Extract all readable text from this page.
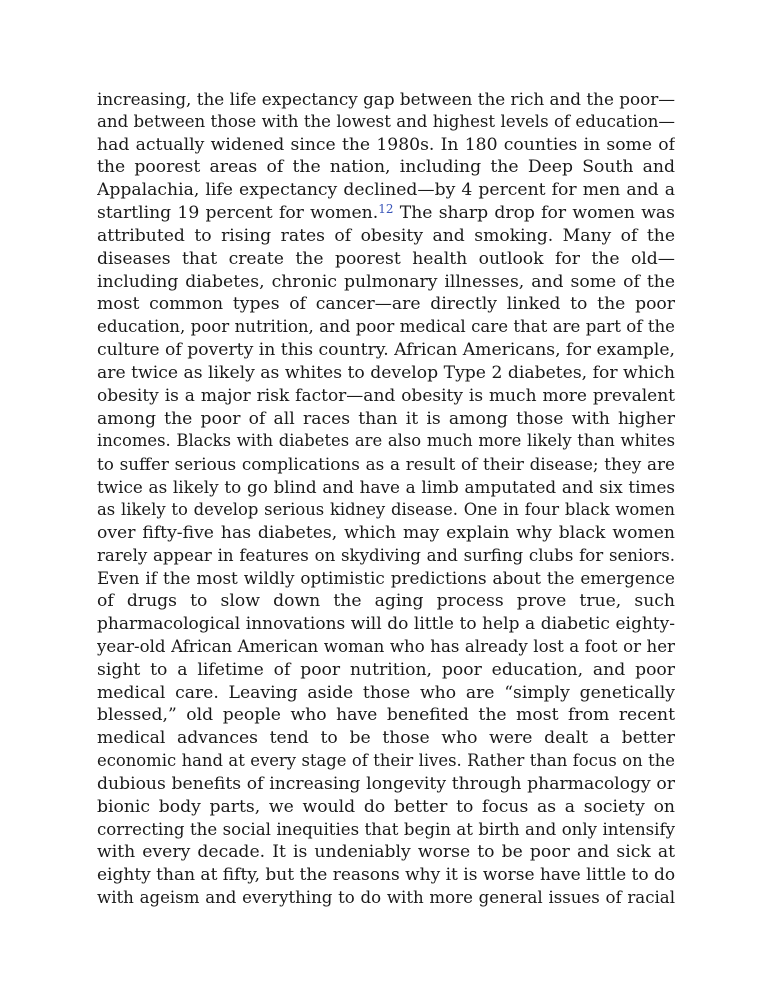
increasing, the life expectancy gap between the rich and the poor—
and between those with the lowest and highest levels of education—
had actually widened since the 1980s. In 180 counties in some of
the poorest areas of the nation, including the Deep South and
Appalachia, life expectancy declined—by 4 percent for men and a
startling 19 percent for women.$^{12}$ The sharp drop for women was
attributed to rising rates of obesity and smoking. Many of the
diseases that create the poorest health outlook for the old—
including diabetes, chronic pulmonary illnesses, and some of the
most common types of cancer—are directly linked to the poor
education, poor nutrition, and poor medical care that are part of the
culture of poverty in this country. African Americans, for example,
are twice as likely as whites to develop Type 2 diabetes, for which
obesity is a major risk factor—and obesity is much more prevalent
among the poor of all races than it is among those with higher
incomes. Blacks with diabetes are also much more likely than whites
to suffer serious complications as a result of their disease; they are
twice as likely to go blind and have a limb amputated and six times
as likely to develop serious kidney disease. One in four black women
over fifty-five has diabetes, which may explain why black women
rarely appear in features on skydiving and surfing clubs for seniors.
Even if the most wildly optimistic predictions about the emergence
of drugs to slow down the aging process prove true, such
pharmacological innovations will do little to help a diabetic eighty-
year-old African American woman who has already lost a foot or her
sight to a lifetime of poor nutrition, poor education, and poor
medical care. Leaving aside those who are “simply genetically
blessed,” old people who have benefited the most from recent
medical advances tend to be those who were dealt a better
economic hand at every stage of their lives. Rather than focus on the
dubious benefits of increasing longevity through pharmacology or
bionic body parts, we would do better to focus as a society on
correcting the social inequities that begin at birth and only intensify
with every decade. It is undeniably worse to be poor and sick at
eighty than at fifty, but the reasons why it is worse have little to do
with ageism and everything to do with more general issues of racial
